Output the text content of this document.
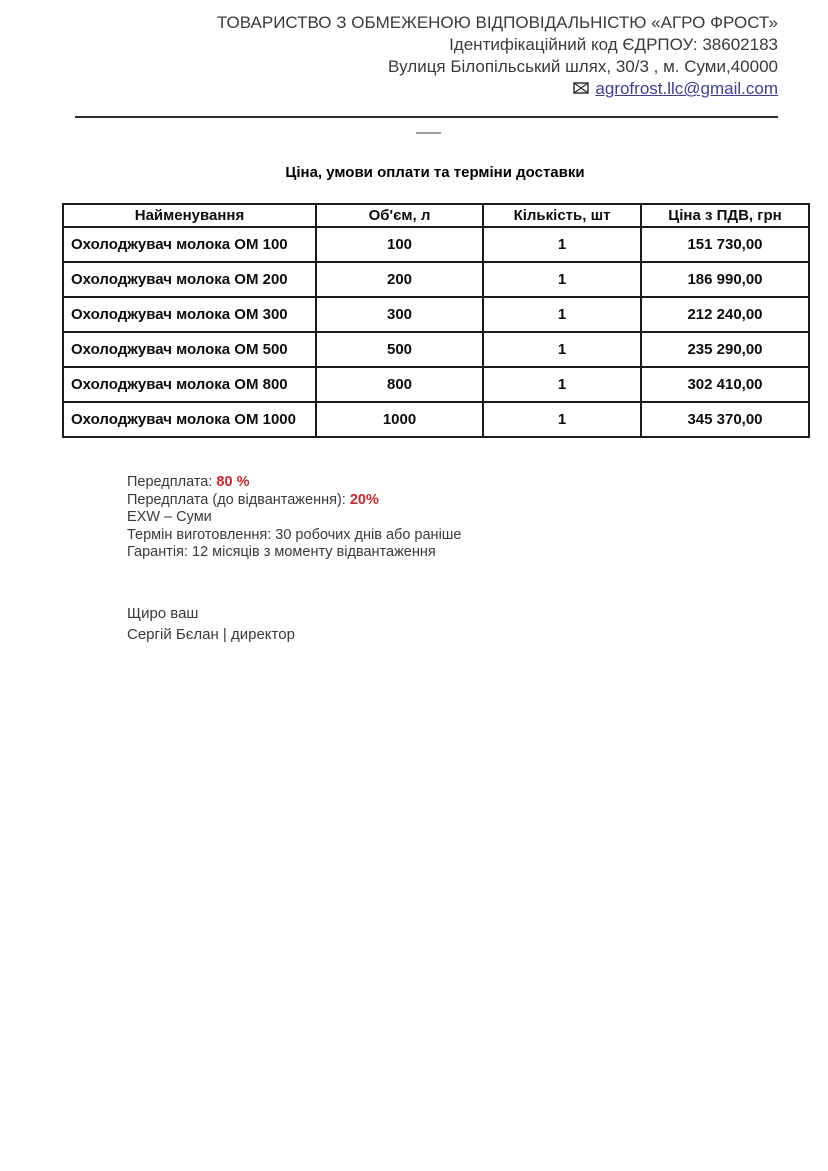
ТОВАРИСТВО З ОБМЕЖЕНОЮ ВІДПОВІДАЛЬНІСТЮ «АГРО ФРОСТ»
Ідентифікаційний код ЄДРПОУ: 38602183
Вулиця Білопільський шлях, 30/3 , м. Суми,40000
agrofrost.llc@gmail.com
Ціна, умови оплати та терміни доставки
Найменування	Об'єм, л	Кількість, шт	Ціна з ПДВ, грн
Охолоджувач молока ОМ 100	100	1	151 730,00
Охолоджувач молока ОМ 200	200	1	186 990,00
Охолоджувач молока ОМ 300	300	1	212 240,00
Охолоджувач молока ОМ 500	500	1	235 290,00
Охолоджувач молока ОМ 800	800	1	302 410,00
Охолоджувач молока ОМ 1000	1000	1	345 370,00
Передплата: 80 %
Передплата (до відвантаження): 20%
EXW – Суми
Термін виготовлення: 30 робочих днів або раніше
Гарантія: 12 місяців з моменту відвантаження
Щиро ваш
Сергій Бєлан | директор
